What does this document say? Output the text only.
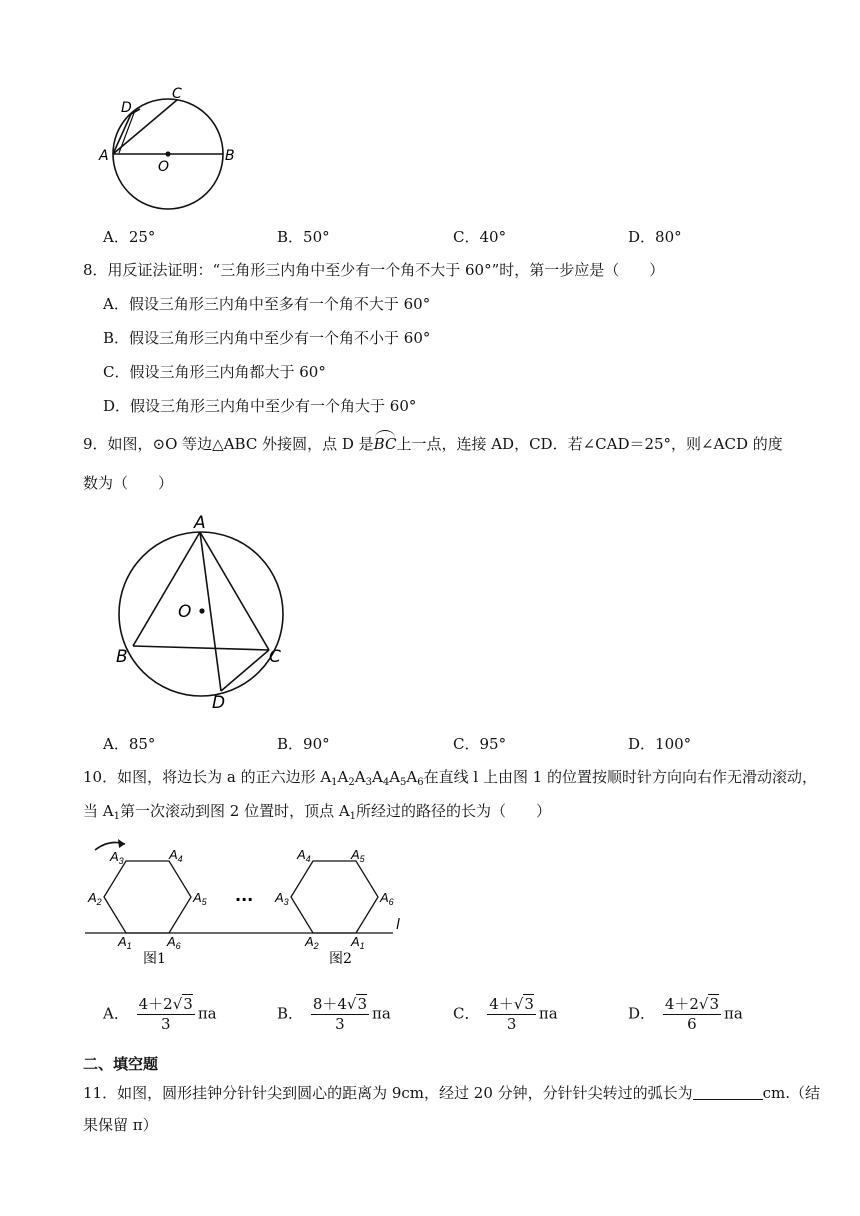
A	B
C
D
O
A．25°	B．50°	C．40°	D．80°
8．用反证法证明：“三角形三内角中至少有一个角不大于 60°”时，第一步应是（　　）
A．假设三角形三内角中至多有一个角不大于 60°
B．假设三角形三内角中至少有一个角不小于 60°
C．假设三角形三内角都大于 60°
D．假设三角形三内角中至少有一个角大于 60°
9．如图，⊙O 等边△ABC 外接圆，点 D 是BC上一点，连接 AD，CD．若∠CAD＝25°，则∠ACD 的度
数为（　　）
A
B	C
D
O
A．85°	B．90°	C．95°	D．100°
10．如图，将边长为 a 的正六边形 $A_1A_2A_3A_4A_5A_6$在直线 l 上由图 1 的位置按顺时针方向向右作无滑动滚动，
当 $A_1$第一次滚动到图 2 位置时，顶点 $A_1$所经过的路径的长为（　　）
l
···
$A_1$
$A_2$
$A_3$	$A_4$
$A_5$
$A_6$	$A_2$
$A_3$
$A_4$	$A_5$
$A_6$
$A_1$
图1	图2
A． $\frac{4+2√3}{3}$ πa	B． $\frac{8+4√3}{3}$ πa	C． $\frac{4+√3}{3}$ πa	D． $\frac{4+2√3}{6}$ πa
二、填空题
11．如图，圆形挂钟分针针尖到圆心的距离为 9cm，经过 20 分钟，分针针尖转过的弧长为	cm.（结
果保留 π）
